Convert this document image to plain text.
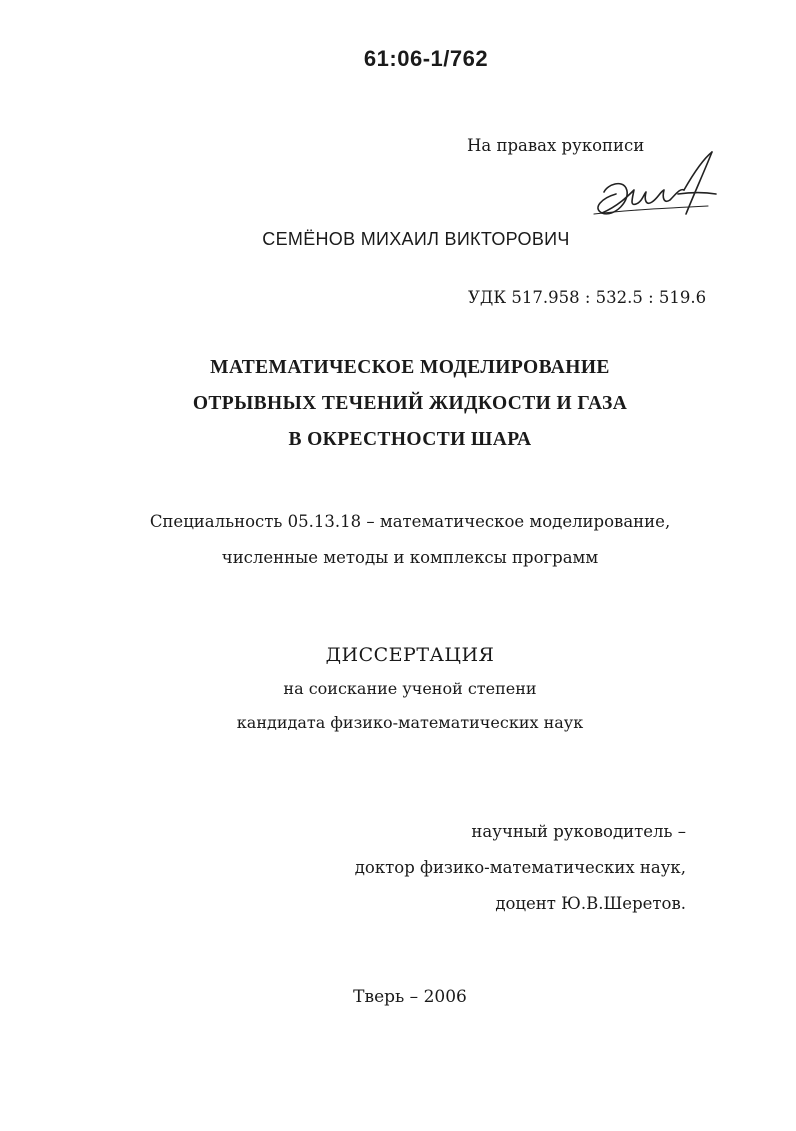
61:06-1/762
На правах рукописи
СЕМЁНОВ МИХАИЛ ВИКТОРОВИЧ
УДК 517.958 : 532.5 : 519.6
МАТЕМАТИЧЕСКОЕ МОДЕЛИРОВАНИЕ
ОТРЫВНЫХ ТЕЧЕНИЙ ЖИДКОСТИ И ГАЗА
В ОКРЕСТНОСТИ ШАРА
Специальность 05.13.18 – математическое моделирование,
численные методы и комплексы программ
ДИССЕРТАЦИЯ
на соискание ученой степени
кандидата физико-математических наук
научный руководитель –
доктор физико-математических наук,
доцент Ю.В.Шеретов.
Тверь – 2006
